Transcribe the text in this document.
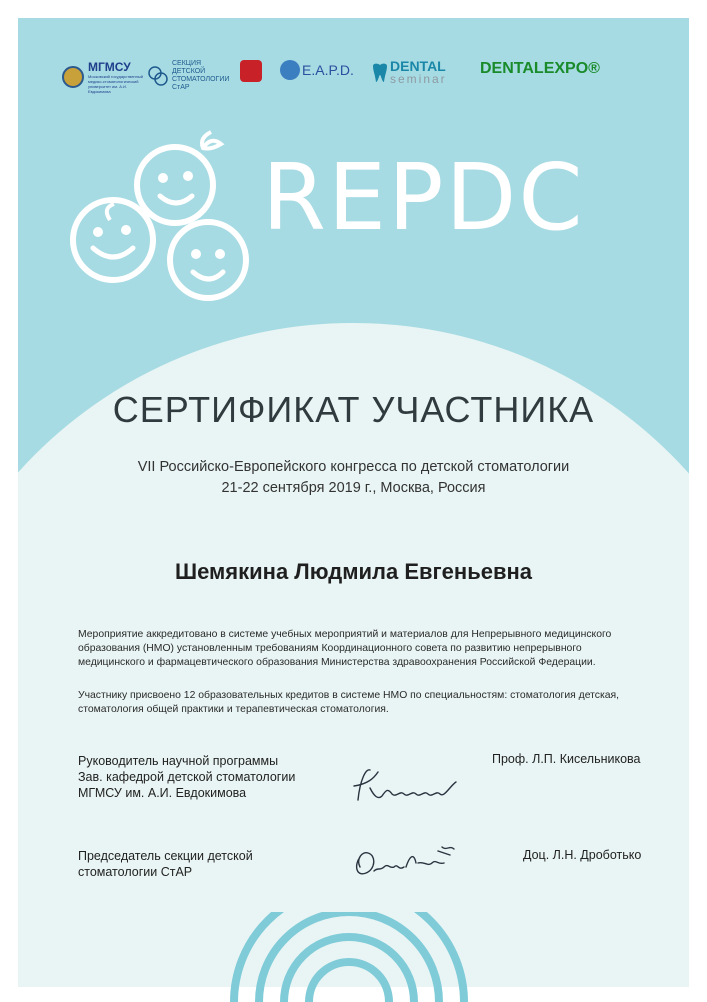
МГМСУ
Московский государственный медико-стоматологический университет им. А.И. Евдокимова
СЕКЦИЯ ДЕТСКОЙ СТОМАТОЛОГИИ СтАР
E.A.P.D.	DENTAL
seminar
DENTALEXPO®
REPDC
СЕРТИФИКАТ УЧАСТНИКА
VII Российско-Европейского конгресса по детской стоматологии
21-22 сентября 2019 г., Москва, Россия
Шемякина Людмила Евгеньевна
Мероприятие аккредитовано в системе учебных мероприятий и материалов для Непрерывного медицинского
образования (НМО) установленным требованиям Координационного совета по развитию непрерывного
медицинского и фармацевтического образования Министерства здравоохранения Российской Федерации.
Участнику присвоено 12 образовательных кредитов в системе НМО по специальностям: стоматология детская,
стоматология общей практики и терапевтическая стоматология.
Руководитель научной программы
Зав. кафедрой детской стоматологии
МГМСУ им. А.И. Евдокимова
Проф. Л.П. Кисельникова
Председатель секции детской
стоматологии СтАР
Доц. Л.Н. Дроботько
